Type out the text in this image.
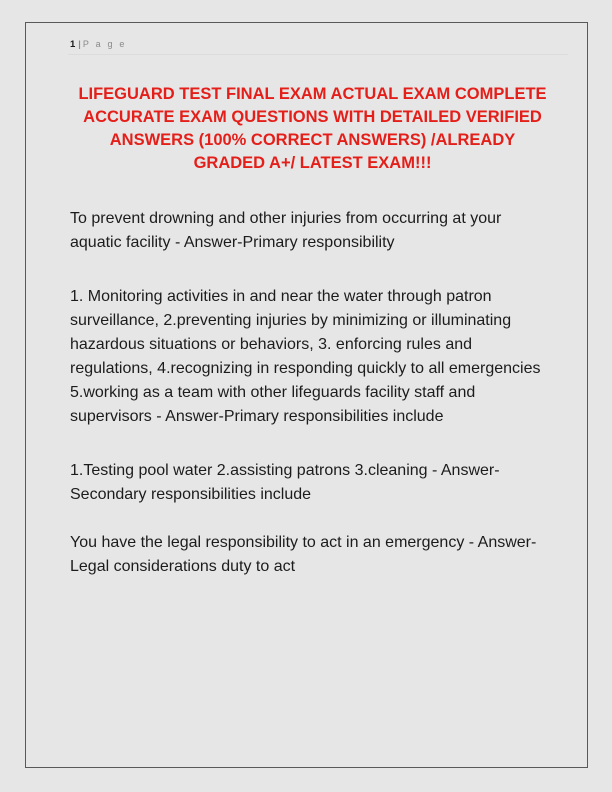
1 | P a g e
LIFEGUARD TEST FINAL EXAM ACTUAL EXAM COMPLETE ACCURATE EXAM QUESTIONS WITH DETAILED VERIFIED ANSWERS (100% CORRECT ANSWERS) /ALREADY GRADED A+/ LATEST EXAM!!!

To prevent drowning and other injuries from occurring at your aquatic facility - Answer-Primary responsibility

1. Monitoring activities in and near the water through patron surveillance, 2.preventing injuries by minimizing or illuminating hazardous situations or behaviors, 3. enforcing rules and regulations, 4.recognizing in responding quickly to all emergencies 5.working as a team with other lifeguards facility staff and supervisors - Answer-Primary responsibilities include

1.Testing pool water 2.assisting patrons 3.cleaning - Answer-Secondary responsibilities include

You have the legal responsibility to act in an emergency - Answer-Legal considerations duty to act
